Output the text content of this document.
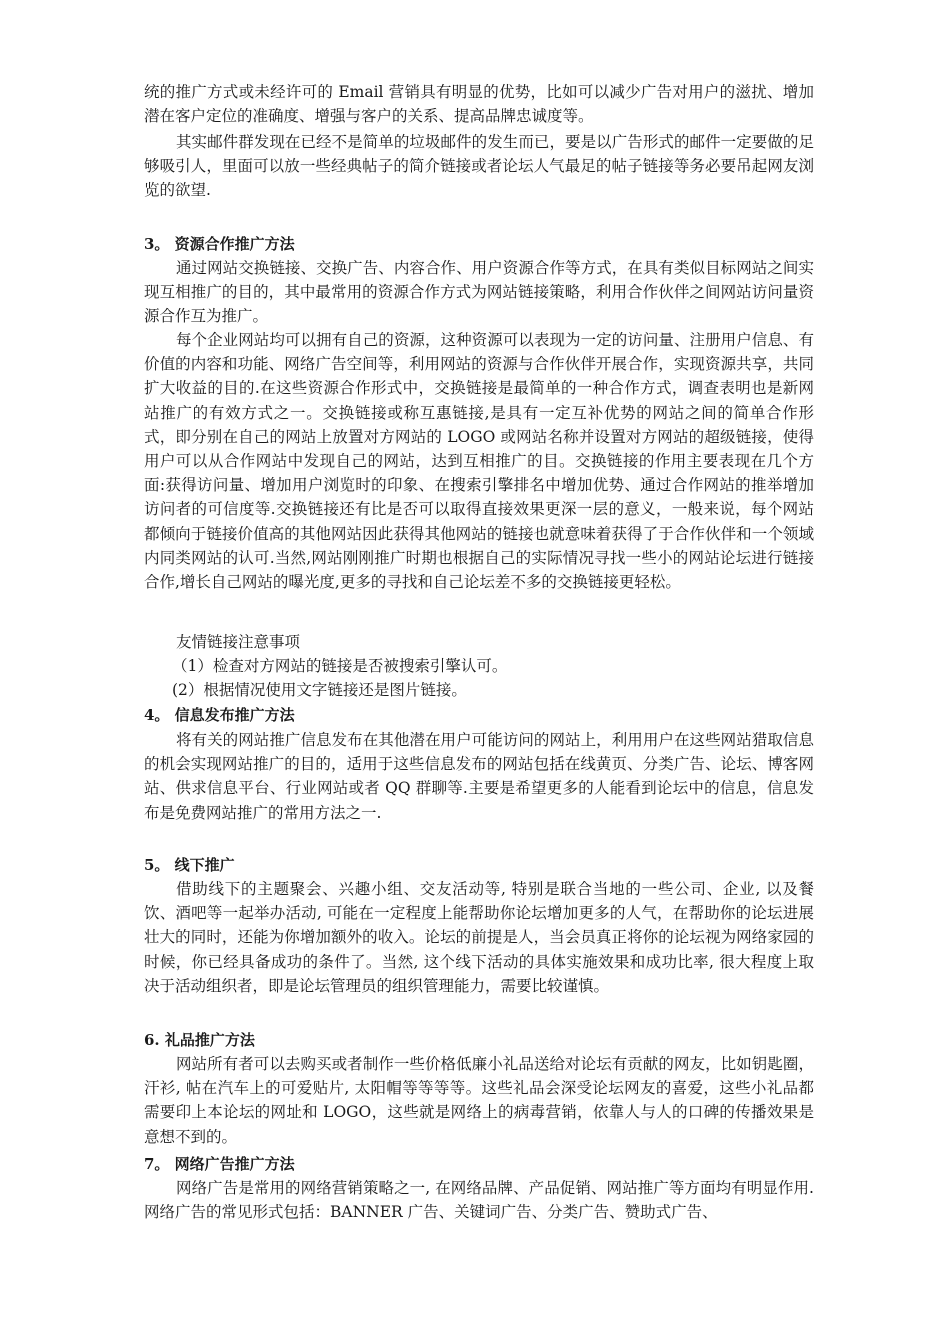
统的推广方式或未经许可的 Email 营销具有明显的优势，比如可以减少广告对用户的滋扰、增加潜在客户定位的准确度、增强与客户的关系、提高品牌忠诚度等。

其实邮件群发现在已经不是简单的垃圾邮件的发生而已，要是以广告形式的邮件一定要做的足够吸引人，里面可以放一些经典帖子的简介链接或者论坛人气最足的帖子链接等务必要吊起网友浏览的欲望.

3。 资源合作推广方法

通过网站交换链接、交换广告、内容合作、用户资源合作等方式，在具有类似目标网站之间实现互相推广的目的，其中最常用的资源合作方式为网站链接策略，利用合作伙伴之间网站访问量资源合作互为推广。

每个企业网站均可以拥有自己的资源，这种资源可以表现为一定的访问量、注册用户信息、有价值的内容和功能、网络广告空间等，利用网站的资源与合作伙伴开展合作，实现资源共享，共同扩大收益的目的.在这些资源合作形式中，交换链接是最简单的一种合作方式，调查表明也是新网站推广的有效方式之一。交换链接或称互惠链接,是具有一定互补优势的网站之间的简单合作形式，即分别在自己的网站上放置对方网站的 LOGO 或网站名称并设置对方网站的超级链接，使得用户可以从合作网站中发现自己的网站，达到互相推广的目。交换链接的作用主要表现在几个方面:获得访问量、增加用户浏览时的印象、在搜索引擎排名中增加优势、通过合作网站的推举增加访问者的可信度等.交换链接还有比是否可以取得直接效果更深一层的意义，一般来说，每个网站都倾向于链接价值高的其他网站因此获得其他网站的链接也就意味着获得了于合作伙伴和一个领域内同类网站的认可.当然,网站刚刚推广时期也根据自己的实际情况寻找一些小的网站论坛进行链接合作,增长自己网站的曝光度,更多的寻找和自己论坛差不多的交换链接更轻松。

友情链接注意事项

（1）检查对方网站的链接是否被搜索引擎认可。

(2）根据情况使用文字链接还是图片链接。

4。 信息发布推广方法

将有关的网站推广信息发布在其他潜在用户可能访问的网站上，利用用户在这些网站猎取信息的机会实现网站推广的目的，适用于这些信息发布的网站包括在线黄页、分类广告、论坛、博客网站、供求信息平台、行业网站或者 QQ 群聊等.主要是希望更多的人能看到论坛中的信息，信息发布是免费网站推广的常用方法之一.

5。 线下推广

借助线下的主题聚会、兴趣小组、交友活动等, 特别是联合当地的一些公司、企业, 以及餐饮、酒吧等一起举办活动, 可能在一定程度上能帮助你论坛增加更多的人气，在帮助你的论坛进展壮大的同时，还能为你增加额外的收入。论坛的前提是人，当会员真正将你的论坛视为网络家园的时候，你已经具备成功的条件了。当然, 这个线下活动的具体实施效果和成功比率, 很大程度上取决于活动组织者，即是论坛管理员的组织管理能力，需要比较谨慎。

6. 礼品推广方法

网站所有者可以去购买或者制作一些价格低廉小礼品送给对论坛有贡献的网友，比如钥匙圈，汗衫, 帖在汽车上的可爱贴片, 太阳帽等等等等。这些礼品会深受论坛网友的喜爱，这些小礼品都需要印上本论坛的网址和 LOGO，这些就是网络上的病毒营销，依靠人与人的口碑的传播效果是意想不到的。

7。 网络广告推广方法

网络广告是常用的网络营销策略之一, 在网络品牌、产品促销、网站推广等方面均有明显作用. 网络广告的常见形式包括：BANNER 广告、关键词广告、分类广告、赞助式广告、
